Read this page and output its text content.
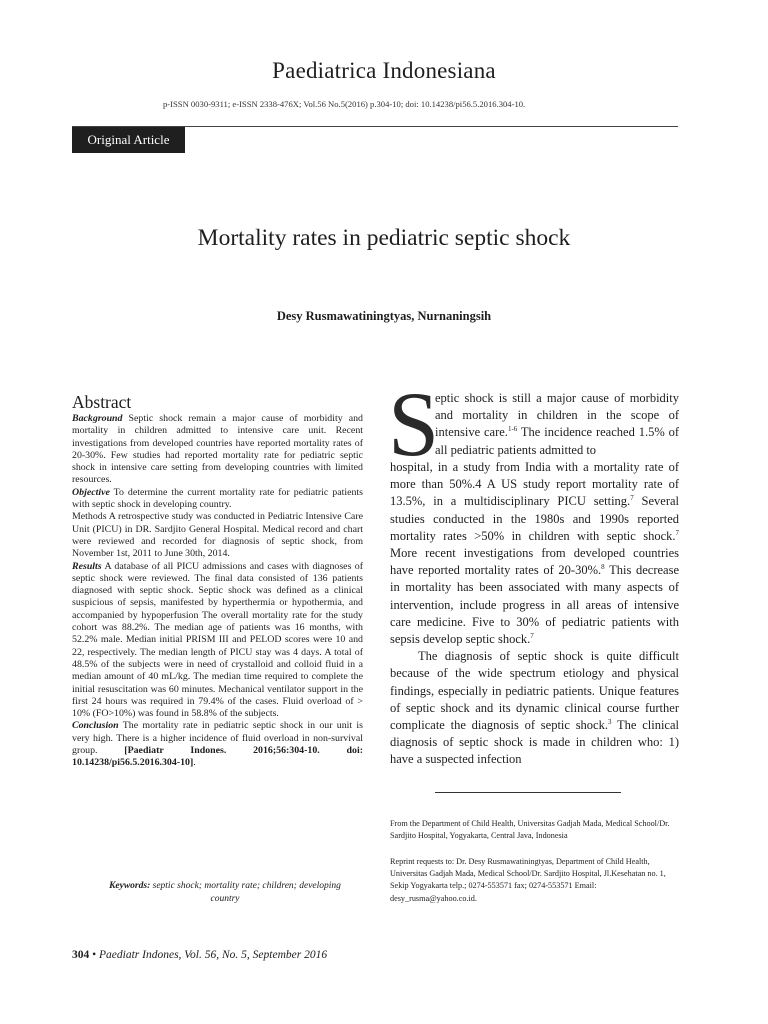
Paediatrica Indonesiana
p-ISSN 0030-9311; e-ISSN 2338-476X; Vol.56 No.5(2016) p.304-10; doi: 10.14238/pi56.5.2016.304-10.
Original Article
Mortality rates in pediatric septic shock
Desy Rusmawatiningtyas, Nurnaningsih
Abstract

Background Septic shock remain a major cause of morbidity and mortality in children admitted to intensive care unit. Recent investigations from developed countries have reported mortality rates of 20-30%. Few studies had reported mortality rate for pediatric septic shock in intensive care setting from developing countries with limited resources.

Objective To determine the current mortality rate for pediatric patients with septic shock in developing country.

Methods A retrospective study was conducted in Pediatric Intensive Care Unit (PICU) in DR. Sardjito General Hospital. Medical record and chart were reviewed and recorded for diagnosis of septic shock, from November 1st, 2011 to June 30th, 2014.

Results A database of all PICU admissions and cases with diagnoses of septic shock were reviewed. The final data consisted of 136 patients diagnosed with septic shock. Septic shock was defined as a clinical suspicious of sepsis, manifested by hyperthermia or hypothermia, and accompanied by hypoperfusion The overall mortality rate for the study cohort was 88.2%. The median age of patients was 16 months, with 52.2% male. Median initial PRISM III and PELOD scores were 10 and 22, respectively. The median length of PICU stay was 4 days. A total of 48.5% of the subjects were in need of crystalloid and colloid fluid in a median amount of 40 mL/kg. The median time required to complete the initial resuscitation was 60 minutes. Mechanical ventilator support in the first 24 hours was required in 79.4% of the cases. Fluid overload of > 10% (FO>10%) was found in 58.8% of the subjects.

Conclusion The mortality rate in pediatric septic shock in our unit is very high. There is a higher incidence of fluid overload in non-survival group. [Paediatr Indones. 2016;56:304-10. doi: 10.14238/pi56.5.2016.304-10].

Keywords: septic shock; mortality rate; children; developing country
S
eptic shock is still a major cause of morbidity and mortality in children in the scope of intensive care.$^{1-6}$ The incidence reached 1.5% of all pediatric patients admitted to

hospital, in a study from India with a mortality rate of more than 50%.4 A US study report mortality rate of 13.5%, in a multidisciplinary PICU setting.$^7$ Several studies conducted in the 1980s and 1990s reported mortality rates >50% in children with septic shock.$^7$ More recent investigations from developed countries have reported mortality rates of 20-30%.$^8$ This decrease in mortality has been associated with many aspects of intervention, include progress in all areas of intensive care medicine. Five to 30% of pediatric patients with sepsis develop septic shock.$^7$

The diagnosis of septic shock is quite difficult because of the wide spectrum etiology and physical findings, especially in pediatric patients. Unique features of septic shock and its dynamic clinical course further complicate the diagnosis of septic shock.$^3$ The clinical diagnosis of septic shock is made in children who: 1) have a suspected infection

From the Department of Child Health, Universitas Gadjah Mada, Medical School/Dr. Sardjito Hospital, Yogyakarta, Central Java, Indonesia
Reprint requests to: Dr. Desy Rusmawatiningtyas, Department of Child Health, Universitas Gadjah Mada, Medical School/Dr. Sardjito Hospital, Jl.Kesehatan no. 1, Sekip Yogyakarta telp.; 0274-553571 fax; 0274-553571 Email: desy_rusma@yahoo.co.id.
304 • Paediatr Indones, Vol. 56, No. 5, September 2016
